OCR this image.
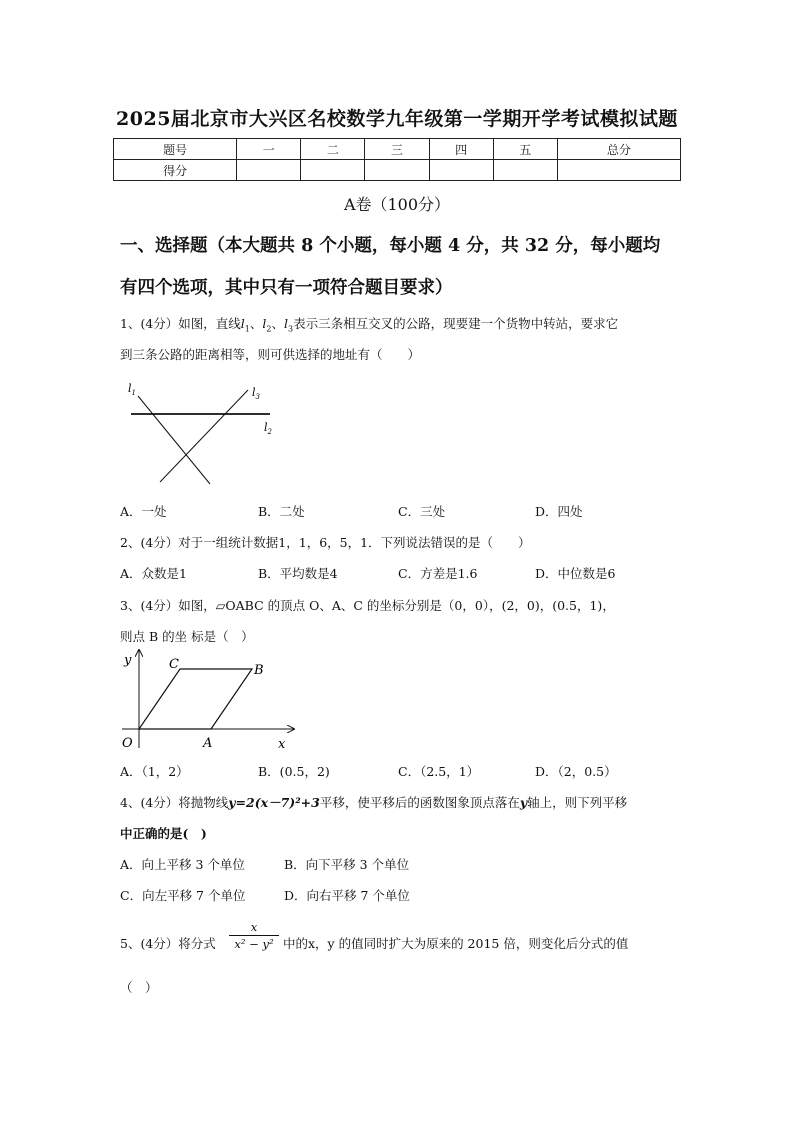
2025届北京市大兴区名校数学九年级第一学期开学考试模拟试题
题号	一	二	三	四	五	总分
得分						
A卷（100分）
一、选择题（本大题共 8 个小题，每小题 4 分，共 32 分，每小题均
有四个选项，其中只有一项符合题目要求）
1、(4分）如图，直线$l_1$、$l_2$、$l_3$表示三条相互交叉的公路，现要建一个货物中转站，要求它
到三条公路的距离相等，则可供选择的地址有（　　）
$l_1$	$l_3$
$l_2$
A．一处	B．二处	C．三处	D．四处
2、(4分）对于一组统计数据1，1，6，5，1．下列说法错误的是（　　）
A．众数是1	B．平均数是4	C．方差是1.6	D．中位数是6
3、(4分）如图，▱OABC 的顶点 O、A、C 的坐标分别是（0，0），(2，0)，(0.5，1)，
则点 B 的坐 标是（　）
y
x
O	A
B
C
A．（1，2）	B．(0.5，2)	C．（2.5，1）	D．（2，0.5）
4、(4分）将抛物线y=2(x－7)²+3平移，使平移后的函数图象顶点落在y轴上，则下列平移
中正确的是(　)
A．向上平移 3 个单位	B．向下平移 3 个单位
C．向左平移 7 个单位	D．向右平移 7 个单位
5、(4分）将分式 $\frac{x}{\text{x² − y²}}$ 中的x，y 的值同时扩大为原来的 2015 倍，则变化后分式的值
（　）
